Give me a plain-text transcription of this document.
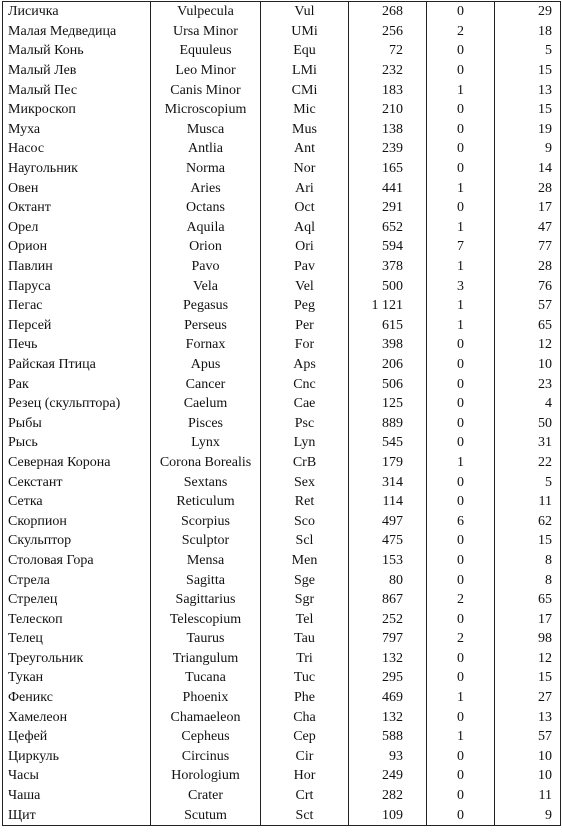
Лисичка	Vulpecula	Vul	268	0	29
Малая Медведица	Ursa Minor	UMi	256	2	18
Малый Конь	Equuleus	Equ	72	0	5
Малый Лев	Leo Minor	LMi	232	0	15
Малый Пес	Canis Minor	CMi	183	1	13
Микроскоп	Microscopium	Mic	210	0	15
Муха	Musca	Mus	138	0	19
Насос	Antlia	Ant	239	0	9
Наугольник	Norma	Nor	165	0	14
Овен	Aries	Ari	441	1	28
Октант	Octans	Oct	291	0	17
Орел	Aquila	Aql	652	1	47
Орион	Orion	Ori	594	7	77
Павлин	Pavo	Pav	378	1	28
Паруса	Vela	Vel	500	3	76
Пегас	Pegasus	Peg	1 121	1	57
Персей	Perseus	Per	615	1	65
Печь	Fornax	For	398	0	12
Райская Птица	Apus	Aps	206	0	10
Рак	Cancer	Cnc	506	0	23
Резец (скульптора)	Caelum	Cae	125	0	4
Рыбы	Pisces	Psc	889	0	50
Рысь	Lynx	Lyn	545	0	31
Северная Корона	Corona Borealis	CrB	179	1	22
Секстант	Sextans	Sex	314	0	5
Сетка	Reticulum	Ret	114	0	11
Скорпион	Scorpius	Sco	497	6	62
Скульптор	Sculptor	Scl	475	0	15
Столовая Гора	Mensa	Men	153	0	8
Стрела	Sagitta	Sge	80	0	8
Стрелец	Sagittarius	Sgr	867	2	65
Телескоп	Telescopium	Tel	252	0	17
Телец	Taurus	Tau	797	2	98
Треугольник	Triangulum	Tri	132	0	12
Тукан	Tucana	Tuc	295	0	15
Феникс	Phoenix	Phe	469	1	27
Хамелеон	Chamaeleon	Cha	132	0	13
Цефей	Cepheus	Cep	588	1	57
Циркуль	Circinus	Cir	93	0	10
Часы	Horologium	Hor	249	0	10
Чаша	Crater	Crt	282	0	11
Щит	Scutum	Sct	109	0	9
